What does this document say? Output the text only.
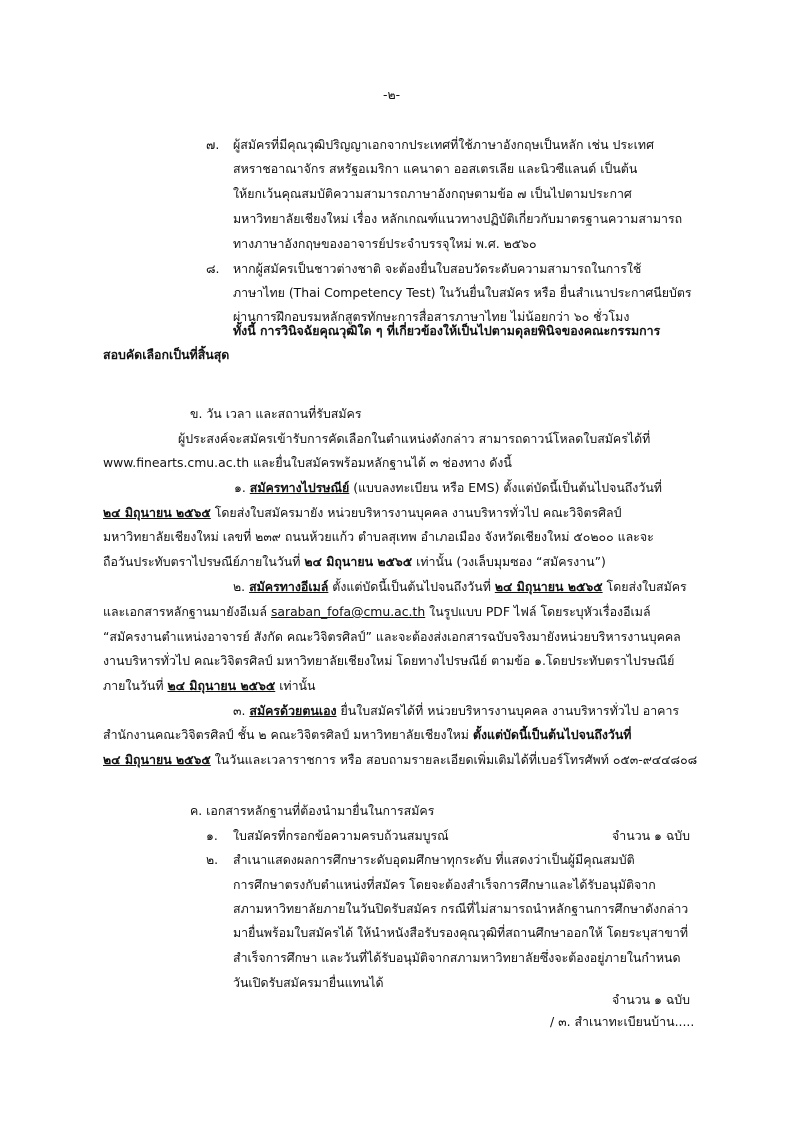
-๒-
๗. ผู้สมัครที่มีคุณวุฒิปริญญาเอกจากประเทศที่ใช้ภาษาอังกฤษเป็นหลัก เช่น ประเทศ
สหราชอาณาจักร สหรัฐอเมริกา แคนาดา ออสเตรเลีย และนิวซีแลนด์ เป็นต้น
ให้ยกเว้นคุณสมบัติความสามารถภาษาอังกฤษตามข้อ ๗ เป็นไปตามประกาศ
มหาวิทยาลัยเชียงใหม่ เรื่อง หลักเกณฑ์แนวทางปฏิบัติเกี่ยวกับมาตรฐานความสามารถ
ทางภาษาอังกฤษของอาจารย์ประจำบรรจุใหม่ พ.ศ. ๒๕๖๐
๘. หากผู้สมัครเป็นชาวต่างชาติ จะต้องยื่นใบสอบวัดระดับความสามารถในการใช้
ภาษาไทย (Thai Competency Test) ในวันยื่นใบสมัคร หรือ ยื่นสำเนาประกาศนียบัตร
ผ่านการฝึกอบรมหลักสูตรทักษะการสื่อสารภาษาไทย ไม่น้อยกว่า ๖๐ ชั่วโมง
ทั้งนี้ การวินิจฉัยคุณวุฒิใด ๆ ที่เกี่ยวข้องให้เป็นไปตามดุลยพินิจของคณะกรรมการ
สอบคัดเลือกเป็นที่สิ้นสุด
ข. วัน เวลา และสถานที่รับสมัคร
ผู้ประสงค์จะสมัครเข้ารับการคัดเลือกในตำแหน่งดังกล่าว สามารถดาวน์โหลดใบสมัครได้ที่
www.finearts.cmu.ac.th และยื่นใบสมัครพร้อมหลักฐานได้ ๓ ช่องทาง ดังนี้
๑. สมัครทางไปรษณีย์ (แบบลงทะเบียน หรือ EMS) ตั้งแต่บัดนี้เป็นต้นไปจนถึงวันที่
๒๔ มิถุนายน ๒๕๖๕ โดยส่งใบสมัครมายัง หน่วยบริหารงานบุคคล งานบริหารทั่วไป คณะวิจิตรศิลป์
มหาวิทยาลัยเชียงใหม่ เลขที่ ๒๓๙ ถนนห้วยแก้ว ตำบลสุเทพ อำเภอเมือง จังหวัดเชียงใหม่ ๕๐๒๐๐ และจะ
ถือวันประทับตราไปรษณีย์ภายในวันที่ ๒๔ มิถุนายน ๒๕๖๕ เท่านั้น (วงเล็บมุมซอง “สมัครงาน”)
๒. สมัครทางอีเมล์ ตั้งแต่บัดนี้เป็นต้นไปจนถึงวันที่ ๒๔ มิถุนายน ๒๕๖๕ โดยส่งใบสมัคร
และเอกสารหลักฐานมายังอีเมล์ saraban_fofa@cmu.ac.th ในรูปแบบ PDF ไฟล์ โดยระบุหัวเรื่องอีเมล์
“สมัครงานตำแหน่งอาจารย์ สังกัด คณะวิจิตรศิลป์” และจะต้องส่งเอกสารฉบับจริงมายังหน่วยบริหารงานบุคคล
งานบริหารทั่วไป คณะวิจิตรศิลป์ มหาวิทยาลัยเชียงใหม่ โดยทางไปรษณีย์ ตามข้อ ๑.โดยประทับตราไปรษณีย์
ภายในวันที่ ๒๔ มิถุนายน ๒๕๖๕ เท่านั้น
๓. สมัครด้วยตนเอง ยื่นใบสมัครได้ที่ หน่วยบริหารงานบุคคล งานบริหารทั่วไป อาคาร
สำนักงานคณะวิจิตรศิลป์ ชั้น ๒ คณะวิจิตรศิลป์ มหาวิทยาลัยเชียงใหม่ ตั้งแต่บัดนี้เป็นต้นไปจนถึงวันที่
๒๔ มิถุนายน ๒๕๖๕ ในวันและเวลาราชการ หรือ สอบถามรายละเอียดเพิ่มเติมได้ที่เบอร์โทรศัพท์ ๐๕๓-๙๔๔๘๐๘
ค. เอกสารหลักฐานที่ต้องนำมายื่นในการสมัคร
๑. ใบสมัครที่กรอกข้อความครบถ้วนสมบูรณ์	จำนวน ๑ ฉบับ
๒. สำเนาแสดงผลการศึกษาระดับอุดมศึกษาทุกระดับ ที่แสดงว่าเป็นผู้มีคุณสมบัติ
การศึกษาตรงกับตำแหน่งที่สมัคร โดยจะต้องสำเร็จการศึกษาและได้รับอนุมัติจาก
สภามหาวิทยาลัยภายในวันปิดรับสมัคร กรณีที่ไม่สามารถนำหลักฐานการศึกษาดังกล่าว
มายื่นพร้อมใบสมัครได้ ให้นำหนังสือรับรองคุณวุฒิที่สถานศึกษาออกให้ โดยระบุสาขาที่
สำเร็จการศึกษา และวันที่ได้รับอนุมัติจากสภามหาวิทยาลัยซึ่งจะต้องอยู่ภายในกำหนด
วันเปิดรับสมัครมายื่นแทนได้
จำนวน ๑ ฉบับ
/ ๓. สำเนาทะเบียนบ้าน.....
